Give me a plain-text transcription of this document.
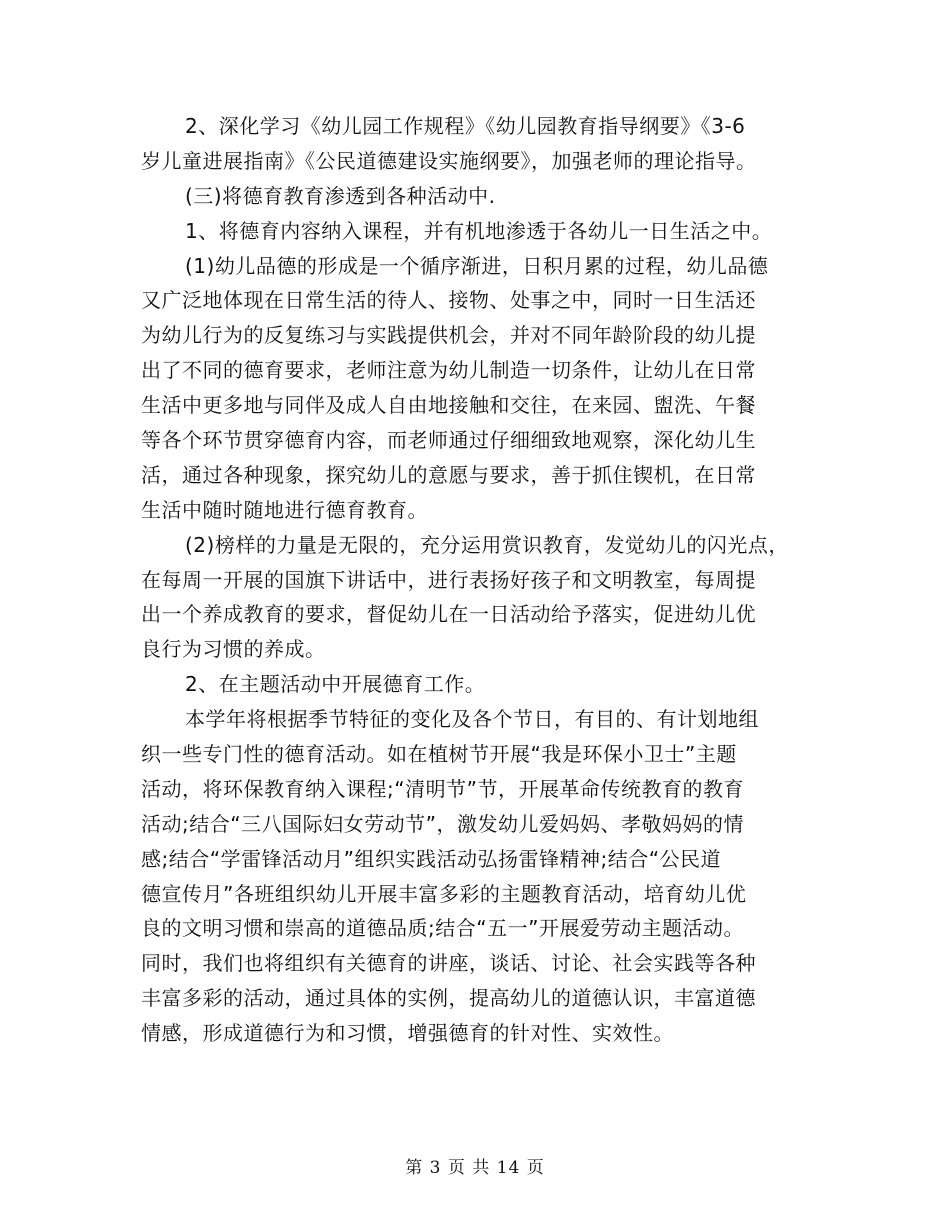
2、深化学习《幼儿园工作规程》《幼儿园教育指导纲要》《3-6
岁儿童进展指南》《公民道德建设实施纲要》，加强老师的理论指导。
(三)将德育教育渗透到各种活动中.
1、将德育内容纳入课程，并有机地渗透于各幼儿一日生活之中。
(1)幼儿品德的形成是一个循序渐进，日积月累的过程，幼儿品德
又广泛地体现在日常生活的待人、接物、处事之中，同时一日生活还
为幼儿行为的反复练习与实践提供机会，并对不同年龄阶段的幼儿提
出了不同的德育要求，老师注意为幼儿制造一切条件，让幼儿在日常
生活中更多地与同伴及成人自由地接触和交往，在来园、盥洗、午餐
等各个环节贯穿德育内容，而老师通过仔细细致地观察，深化幼儿生
活，通过各种现象，探究幼儿的意愿与要求，善于抓住锲机，在日常
生活中随时随地进行德育教育。
(2)榜样的力量是无限的，充分运用赏识教育，发觉幼儿的闪光点，
在每周一开展的国旗下讲话中，进行表扬好孩子和文明教室，每周提
出一个养成教育的要求，督促幼儿在一日活动给予落实，促进幼儿优
良行为习惯的养成。
2、在主题活动中开展德育工作。
本学年将根据季节特征的变化及各个节日，有目的、有计划地组
织一些专门性的德育活动。如在植树节开展“我是环保小卫士”主题
活动，将环保教育纳入课程;“清明节”节，开展革命传统教育的教育
活动;结合“三八国际妇女劳动节”，激发幼儿爱妈妈、孝敬妈妈的情
感;结合“学雷锋活动月”组织实践活动弘扬雷锋精神;结合“公民道
德宣传月”各班组织幼儿开展丰富多彩的主题教育活动，培育幼儿优
良的文明习惯和崇高的道德品质;结合“五一”开展爱劳动主题活动。
同时，我们也将组织有关德育的讲座，谈话、讨论、社会实践等各种
丰富多彩的活动，通过具体的实例，提高幼儿的道德认识，丰富道德
情感，形成道德行为和习惯，增强德育的针对性、实效性。
第 3 页 共 14 页
